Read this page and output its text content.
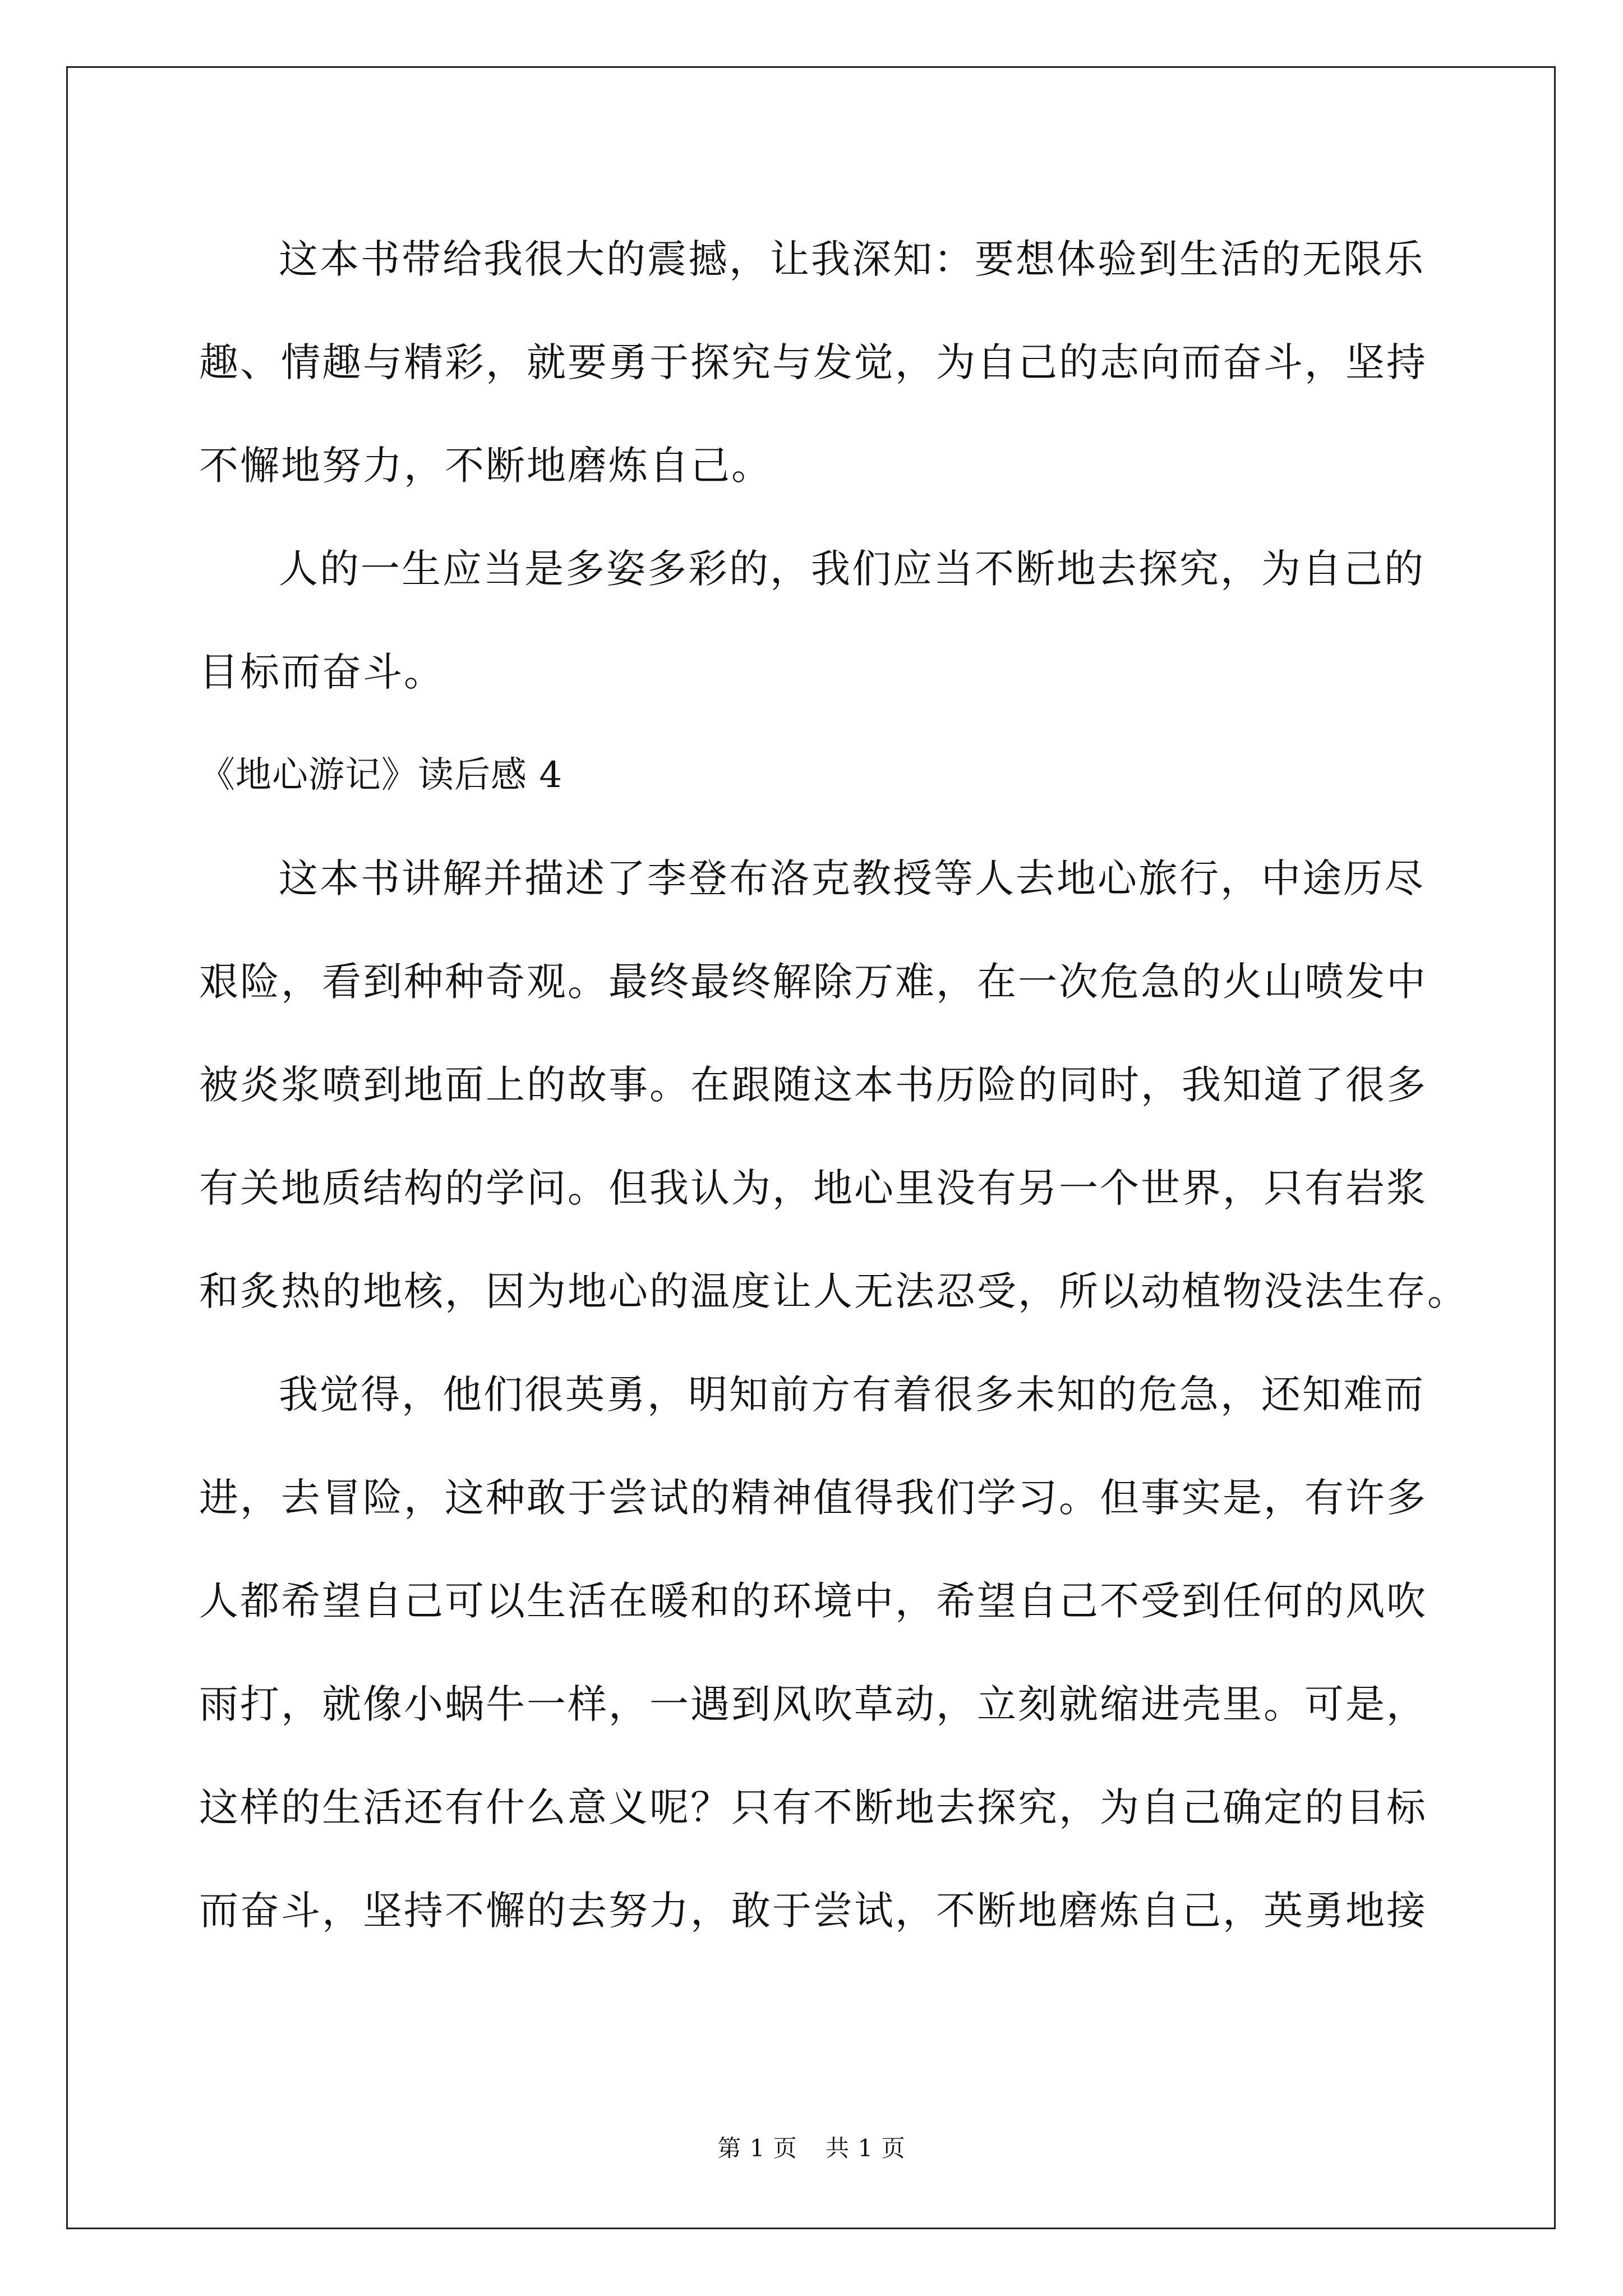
这本书带给我很大的震撼，让我深知：要想体验到生活的无限乐
趣、情趣与精彩，就要勇于探究与发觉，为自己的志向而奋斗，坚持
不懈地努力，不断地磨炼自己。
人的一生应当是多姿多彩的，我们应当不断地去探究，为自己的
目标而奋斗。
《地心游记》读后感 4
这本书讲解并描述了李登布洛克教授等人去地心旅行，中途历尽
艰险，看到种种奇观。最终最终解除万难，在一次危急的火山喷发中
被炎浆喷到地面上的故事。在跟随这本书历险的同时，我知道了很多
有关地质结构的学问。但我认为，地心里没有另一个世界，只有岩浆
和炙热的地核，因为地心的温度让人无法忍受，所以动植物没法生存。
我觉得，他们很英勇，明知前方有着很多未知的危急，还知难而
进，去冒险，这种敢于尝试的精神值得我们学习。但事实是，有许多
人都希望自己可以生活在暖和的环境中，希望自己不受到任何的风吹
雨打，就像小蜗牛一样，一遇到风吹草动，立刻就缩进壳里。可是，
这样的生活还有什么意义呢？只有不断地去探究，为自己确定的目标
而奋斗，坚持不懈的去努力，敢于尝试，不断地磨炼自己，英勇地接
第 1 页 共 1 页
